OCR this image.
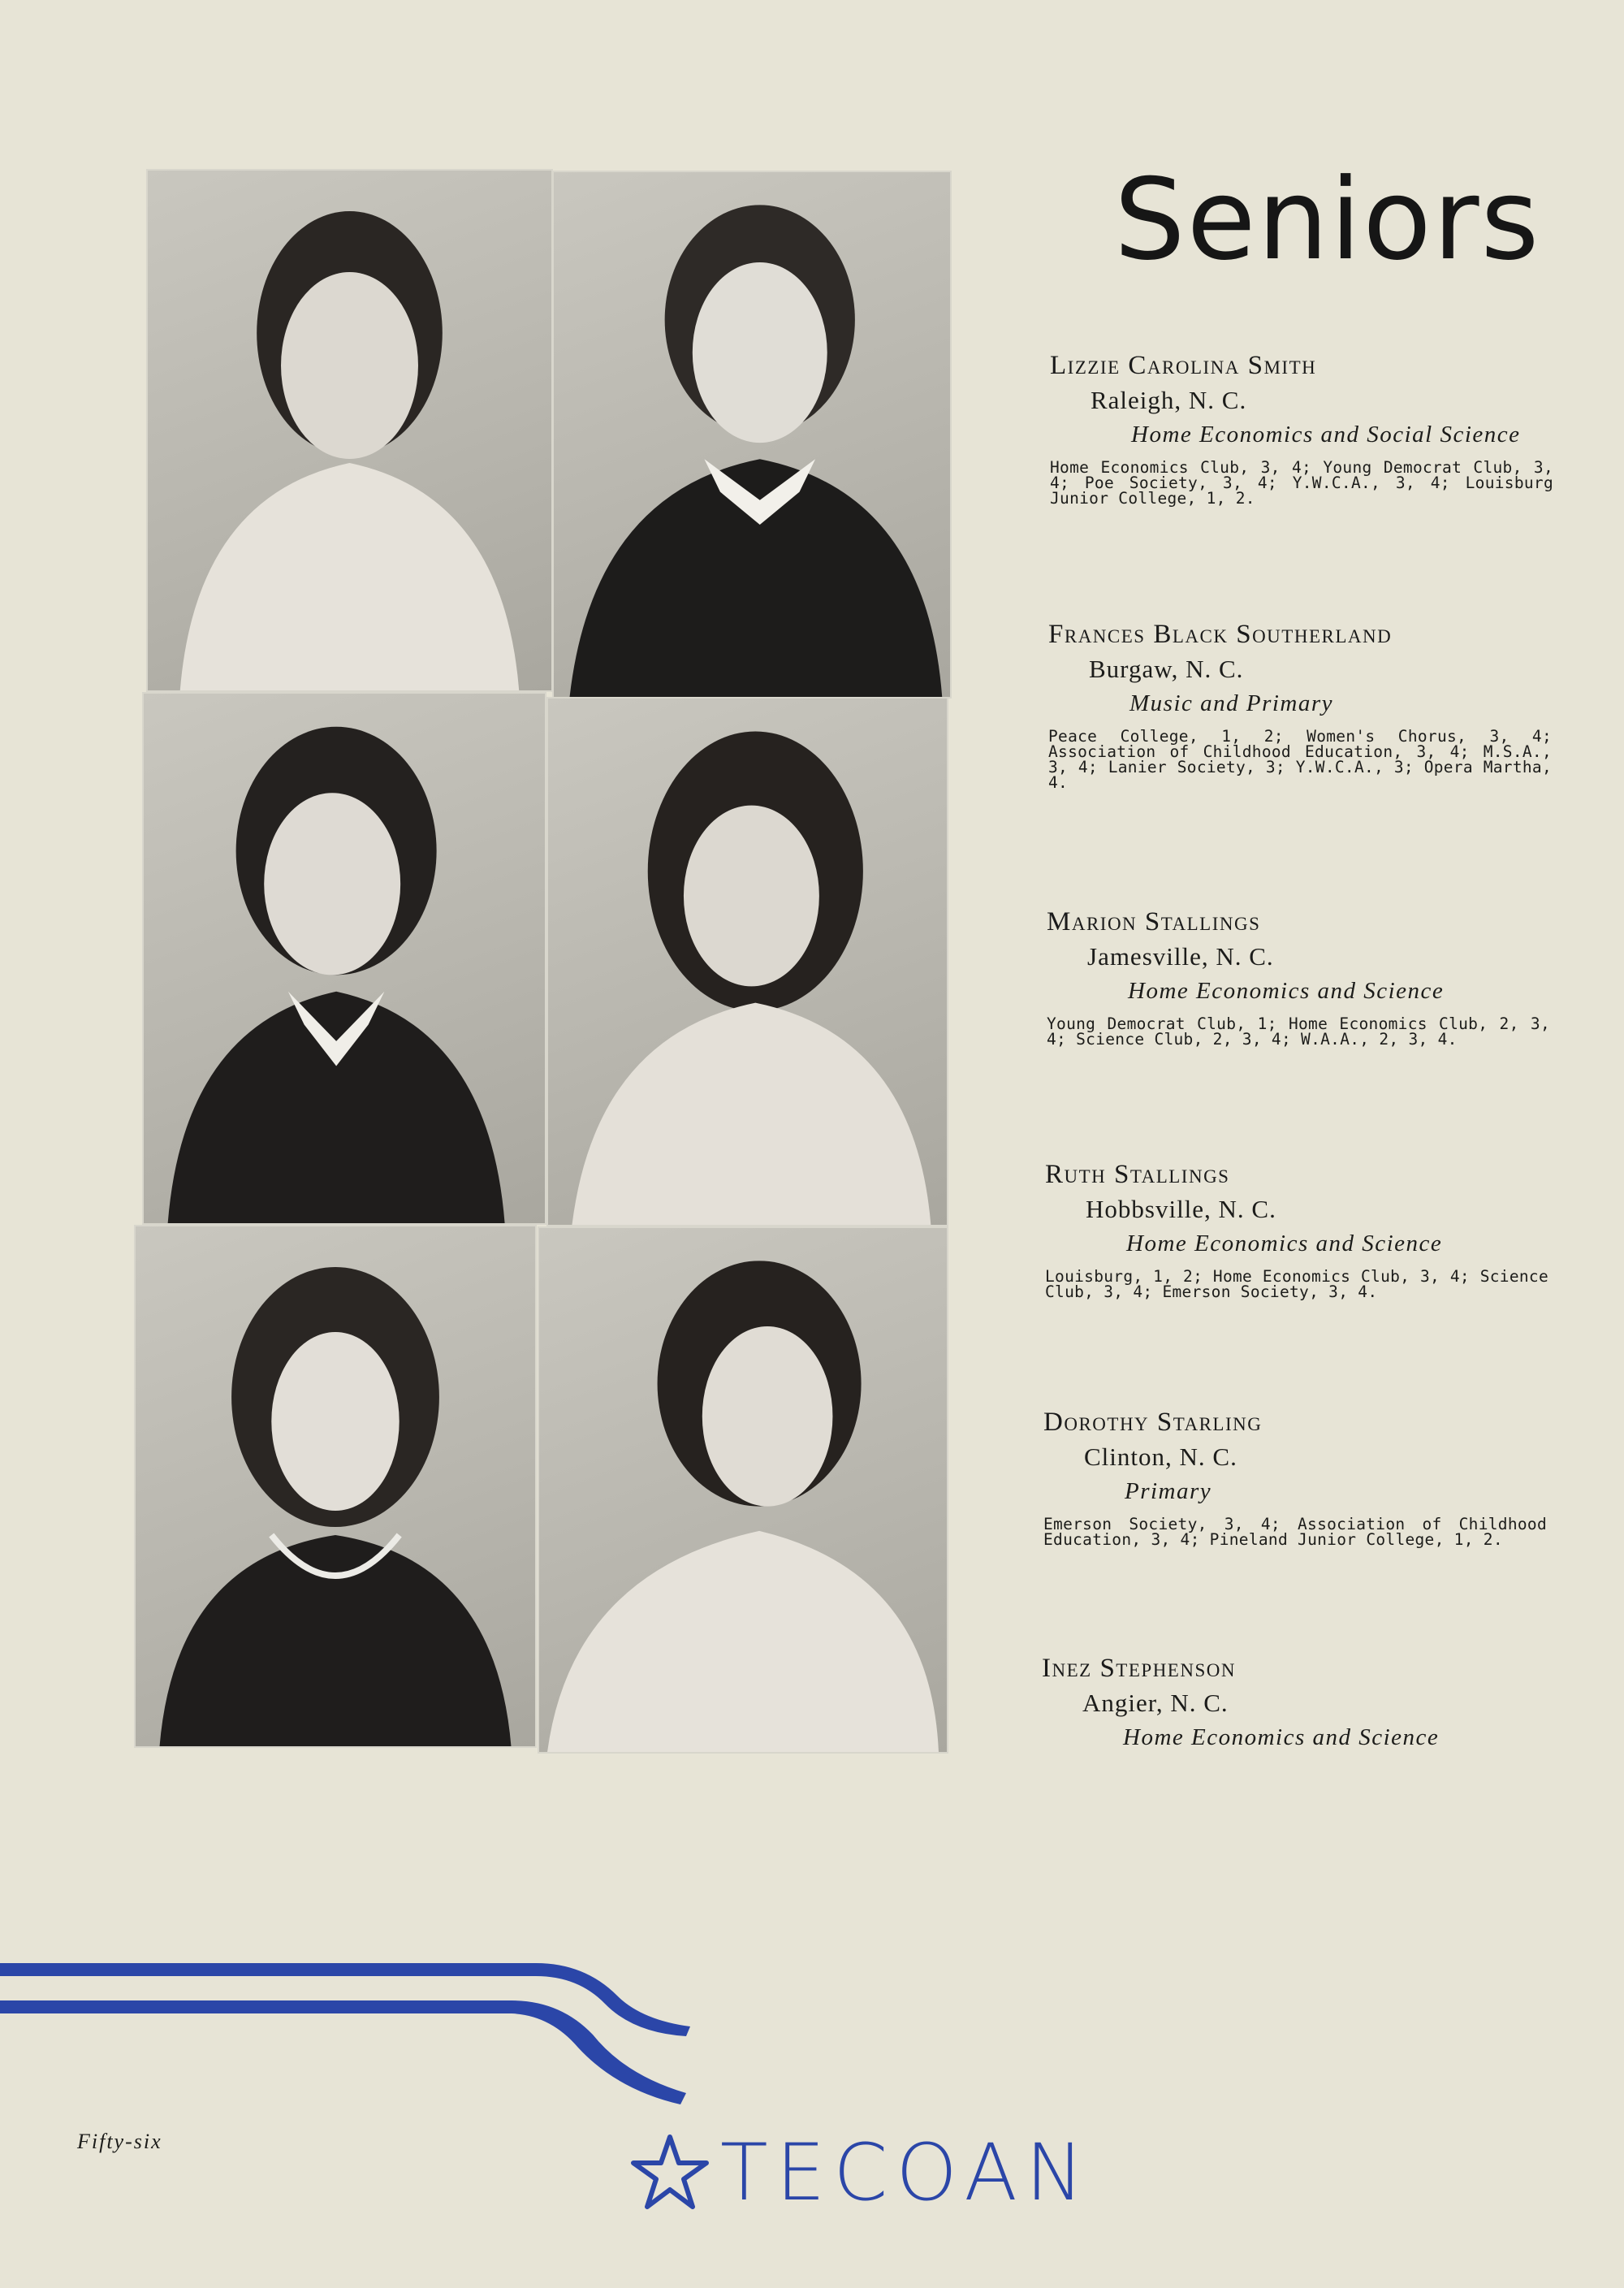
Seniors
Lizzie Carolina Smith
Raleigh, N. C.
Home Economics and Social Science
Home Economics Club, 3, 4; Young Democrat Club, 3, 4; Poe Society, 3, 4; Y.W.C.A., 3, 4; Louisburg Junior College, 1, 2.
Frances Black Southerland
Burgaw, N. C.
Music and Primary
Peace College, 1, 2; Women's Chorus, 3, 4; Association of Childhood Education, 3, 4; M.S.A., 3, 4; Lanier Society, 3; Y.W.C.A., 3; Opera Martha, 4.
Marion Stallings
Jamesville, N. C.
Home Economics and Science
Young Democrat Club, 1; Home Economics Club, 2, 3, 4; Science Club, 2, 3, 4; W.A.A., 2, 3, 4.
Ruth Stallings
Hobbsville, N. C.
Home Economics and Science
Louisburg, 1, 2; Home Economics Club, 3, 4; Science Club, 3, 4; Emerson Society, 3, 4.
Dorothy Starling
Clinton, N. C.
Primary
Emerson Society, 3, 4; Association of Childhood Education, 3, 4; Pineland Junior College, 1, 2.
Inez Stephenson
Angier, N. C.
Home Economics and Science
Fifty-six	TECOAN
